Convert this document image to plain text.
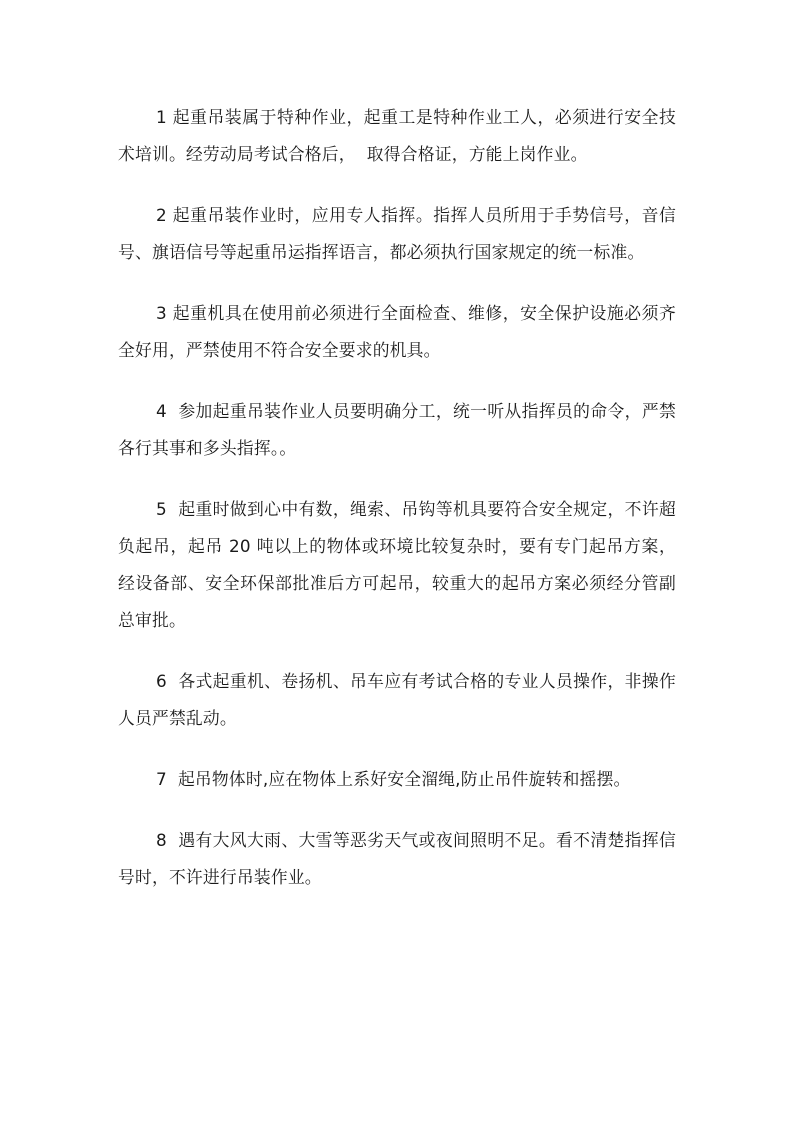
1 起重吊装属于特种作业，起重工是特种作业工人，必须进行安全技术培训。经劳动局考试合格后，  取得合格证，方能上岗作业。

2 起重吊装作业时，应用专人指挥。指挥人员所用于手势信号，音信号、旗语信号等起重吊运指挥语言，都必须执行国家规定的统一标准。

3 起重机具在使用前必须进行全面检查、维修，安全保护设施必须齐全好用，严禁使用不符合安全要求的机具。

4  参加起重吊装作业人员要明确分工，统一听从指挥员的命令，严禁各行其事和多头指挥。。

5  起重时做到心中有数，绳索、吊钩等机具要符合安全规定，不许超负起吊，起吊 20 吨以上的物体或环境比较复杂时，要有专门起吊方案，经设备部、安全环保部批准后方可起吊，较重大的起吊方案必须经分管副总审批。

6  各式起重机、卷扬机、吊车应有考试合格的专业人员操作，非操作人员严禁乱动。

7  起吊物体时,应在物体上系好安全溜绳,防止吊件旋转和摇摆。

8  遇有大风大雨、大雪等恶劣天气或夜间照明不足。看不清楚指挥信号时，不许进行吊装作业。
